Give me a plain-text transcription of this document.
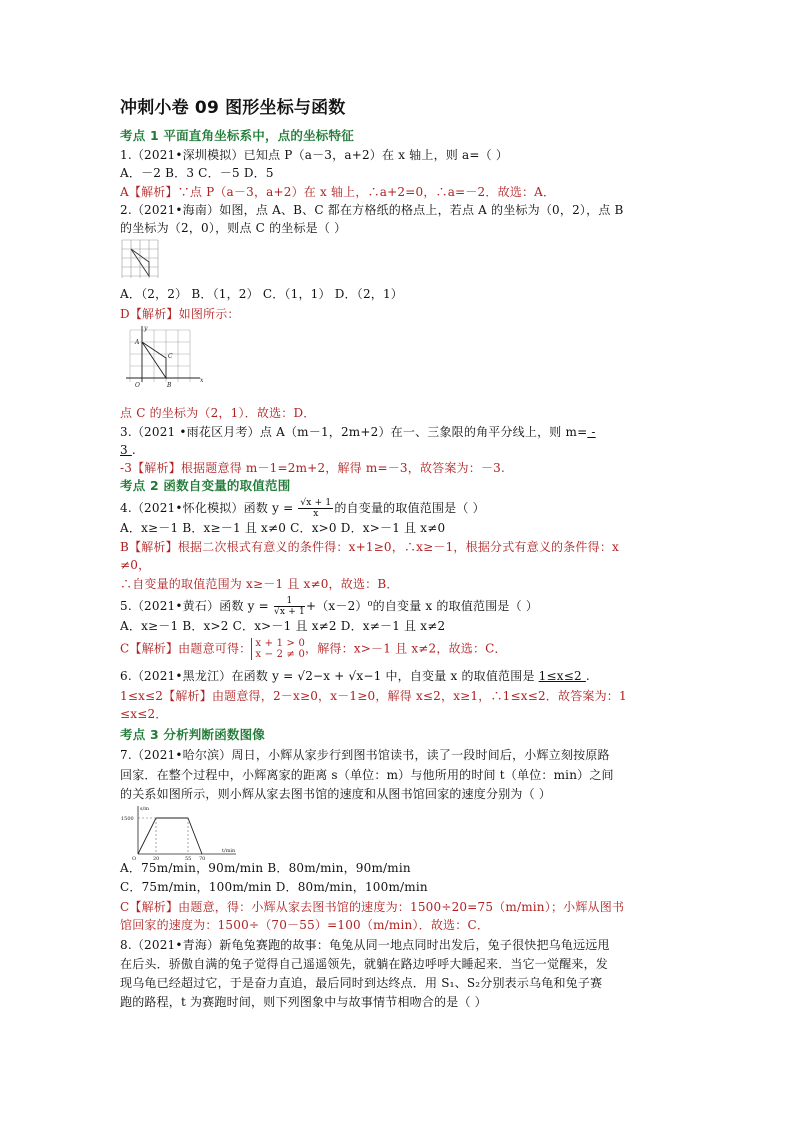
冲刺小卷 09 图形坐标与函数
考点 1 平面直角坐标系中，点的坐标特征
1.（2021•深圳模拟）已知点 P（a－3，a+2）在 x 轴上，则 a=（ ）
A．－2 B．3 C．－5 D．5
A【解析】∵点 P（a－3，a+2）在 x 轴上，∴a+2=0，∴a=－2．故选：A．
2.（2021•海南）如图，点 A、B、C 都在方格纸的格点上，若点 A 的坐标为（0，2），点 B
的坐标为（2，0），则点 C 的坐标是（ ）
A．（2，2） B．（1，2） C．（1，1） D．（2，1）
D【解析】如图所示：
y
x
A
C
B
O
点 C 的坐标为（2，1）．故选：D．
3.（2021 •雨花区月考）点 A（m－1，2m+2）在一、三象限的角平分线上，则 m= -
3 .
-3【解析】根据题意得 m－1=2m+2，解得 m=－3，故答案为：－3.
考点 2 函数自变量的取值范围
4.（2021•怀化模拟）函数 $y = \frac{√x + 1}{x}$ 的自变量的取值范围是（ ）
A．x≥－1 B．x≥－1 且 x≠0 C．x>0 D．x>－1 且 x≠0
B【解析】根据二次根式有意义的条件得：x+1≥0，∴x≥－1，根据分式有意义的条件得：x
≠0，
∴自变量的取值范围为 x≥－1 且 x≠0，故选：B．
5.（2021•黄石）函数 $y = \frac{1}{√x + 1} +(x-2)^0$的自变量 x 的取值范围是（ ）
A．x≥－1 B．x>2 C．x>－1 且 x≠2 D．x≠－1 且 x≠2
C【解析】由题意可得： x + 1 > 0
x − 2 ≠ 0 ，解得：x>－1 且 x≠2，故选：C．
6.（2021•黑龙江）在函数 y = √2−x + √x−1 中，自变量 x 的取值范围是 1≤x≤2 .
1≤x≤2【解析】由题意得，2－x≥0，x－1≥0，解得 x≤2，x≥1，∴1≤x≤2．故答案为：1
≤x≤2．
考点 3 分析判断函数图像
7.（2021•哈尔滨）周日，小辉从家步行到图书馆读书，读了一段时间后，小辉立刻按原路
回家．在整个过程中，小辉离家的距离 s（单位：m）与他所用的时间 t（单位：min）之间
的关系如图所示，则小辉从家去图书馆的速度和从图书馆回家的速度分别为（ ）
s/m
1500
O	20	55 70
t/min
A．75m/min，90m/min B．80m/min，90m/min
C．75m/min，100m/min D．80m/min，100m/min
C【解析】由题意，得：小辉从家去图书馆的速度为：1500÷20=75（m/min）；小辉从图书
馆回家的速度为：1500÷（70－55）=100（m/min）．故选：C．
8.（2021•青海）新龟兔赛跑的故事：龟兔从同一地点同时出发后，兔子很快把乌龟远远甩
在后头．骄傲自满的兔子觉得自己遥遥领先，就躺在路边呼呼大睡起来．当它一觉醒来，发
现乌龟已经超过它，于是奋力直追，最后同时到达终点．用 S₁、S₂分别表示乌龟和兔子赛
跑的路程，t 为赛跑时间，则下列图象中与故事情节相吻合的是（ ）
